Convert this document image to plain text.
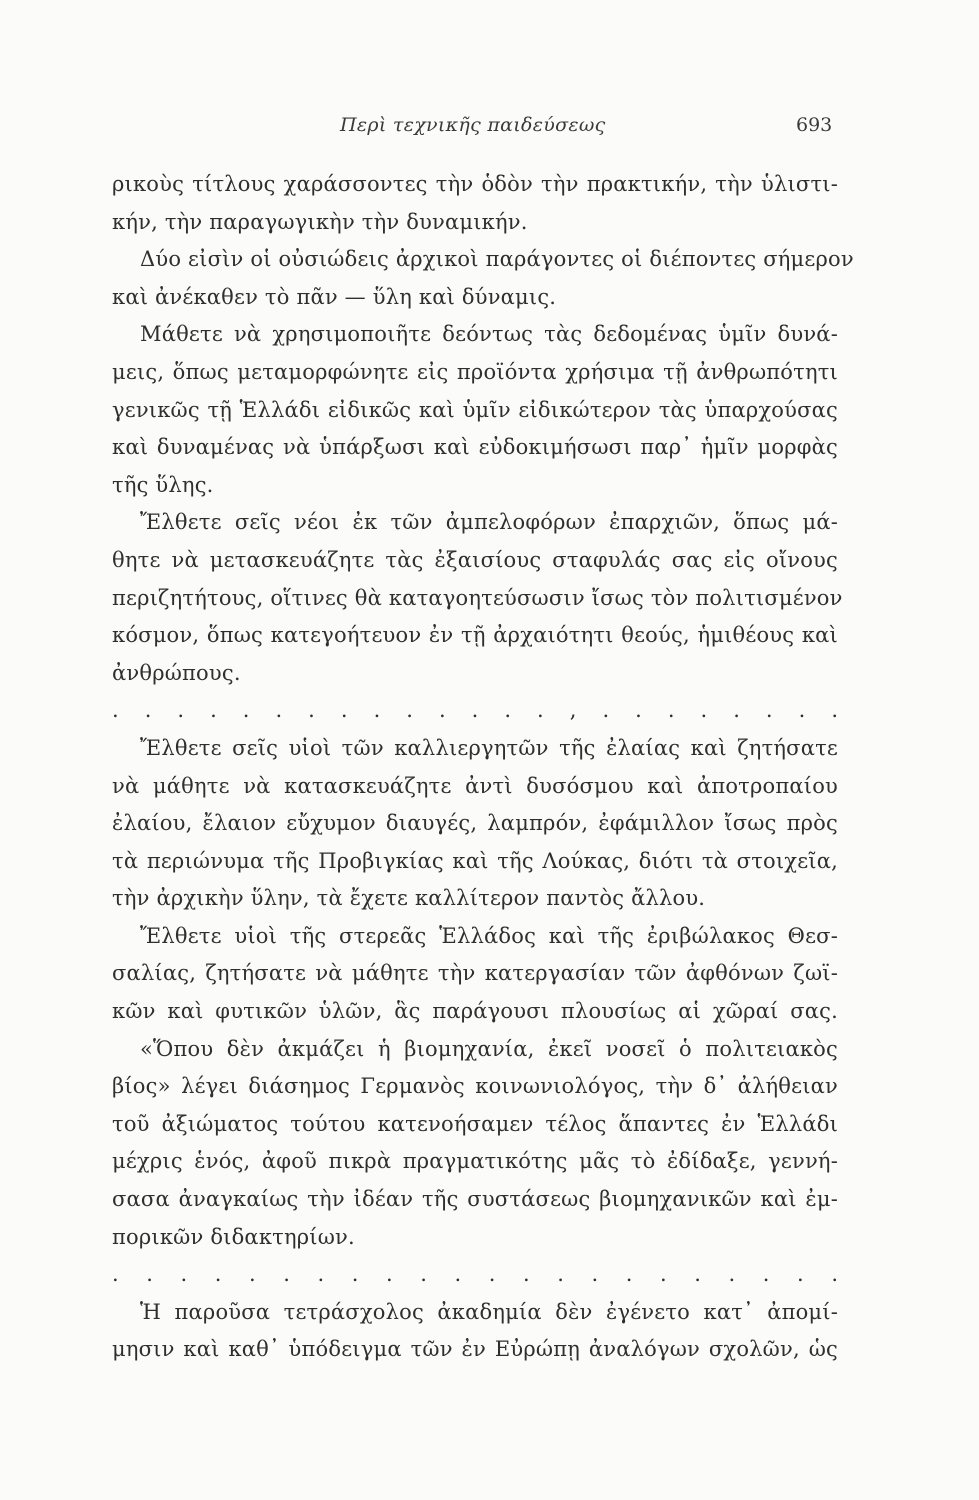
Περὶ τεχνικῆς παιδεύσεως	693
ρικοὺς τίτλους χαράσσοντες τὴν ὁδὸν τὴν πρακτικήν, τὴν ὑλιστι-
κήν, τὴν παραγωγικὴν τὴν δυναμικήν.
Δύο εἰσὶν οἱ οὐσιώδεις ἀρχικοὶ παράγοντες οἱ διέποντες σήμερον
καὶ ἀνέκαθεν τὸ πᾶν — ὕλη καὶ δύναμις.
Μάθετε νὰ χρησιμοποιῆτε δεόντως τὰς δεδομένας ὑμῖν δυνά-
μεις, ὅπως μεταμορφώνητε εἰς προϊόντα χρήσιμα τῇ ἀνθρωπότητι
γενικῶς τῇ Ἑλλάδι εἰδικῶς καὶ ὑμῖν εἰδικώτερον τὰς ὑπαρχούσας
καὶ δυναμένας νὰ ὑπάρξωσι καὶ εὐδοκιμήσωσι παρ᾿ ἡμῖν μορφὰς
τῆς ὕλης.
Ἔλθετε σεῖς νέοι ἐκ τῶν ἀμπελοφόρων ἐπαρχιῶν, ὅπως μά-
θητε νὰ μετασκευάζητε τὰς ἐξαισίους σταφυλάς σας εἰς οἴνους
περιζητήτους, οἵτινες θὰ καταγοητεύσωσιν ἴσως τὸν πολιτισμένον
κόσμον, ὅπως κατεγοήτευον ἐν τῇ ἀρχαιότητι θεούς, ἡμιθέους καὶ
ἀνθρώπους.
. . . . . . . . . . . . . . , . . . . . . . .
Ἔλθετε σεῖς υἱοὶ τῶν καλλιεργητῶν τῆς ἐλαίας καὶ ζητήσατε
νὰ μάθητε νὰ κατασκευάζητε ἀντὶ δυσόσμου καὶ ἀποτροπαίου
ἐλαίου, ἔλαιον εὔχυμον διαυγές, λαμπρόν, ἐφάμιλλον ἴσως πρὸς
τὰ περιώνυμα τῆς Προβιγκίας καὶ τῆς Λούκας, διότι τὰ στοιχεῖα,
τὴν ἀρχικὴν ὕλην, τὰ ἔχετε καλλίτερον παντὸς ἄλλου.
Ἔλθετε υἱοὶ τῆς στερεᾶς Ἑλλάδος καὶ τῆς ἐριβώλακος Θεσ-
σαλίας, ζητήσατε νὰ μάθητε τὴν κατεργασίαν τῶν ἀφθόνων ζωϊ-
κῶν καὶ φυτικῶν ὑλῶν, ἃς παράγουσι πλουσίως αἱ χῶραί σας.
«Ὅπου δὲν ἀκμάζει ἡ βιομηχανία, ἐκεῖ νοσεῖ ὁ πολιτειακὸς
βίος» λέγει διάσημος Γερμανὸς κοινωνιολόγος, τὴν δ᾿ ἀλήθειαν
τοῦ ἀξιώματος τούτου κατενοήσαμεν τέλος ἅπαντες ἐν Ἑλλάδι
μέχρις ἑνός, ἀφοῦ πικρὰ πραγματικότης μᾶς τὸ ἐδίδαξε, γεννή-
σασα ἀναγκαίως τὴν ἰδέαν τῆς συστάσεως βιομηχανικῶν καὶ ἐμ-
πορικῶν διδακτηρίων.
. . . . . . . . . . . . . . . . . . . . . .
Ἡ παροῦσα τετράσχολος ἀκαδημία δὲν ἐγένετο κατ᾿ ἀπομί-
μησιν καὶ καθ᾿ ὑπόδειγμα τῶν ἐν Εὐρώπῃ ἀναλόγων σχολῶν, ὡς
